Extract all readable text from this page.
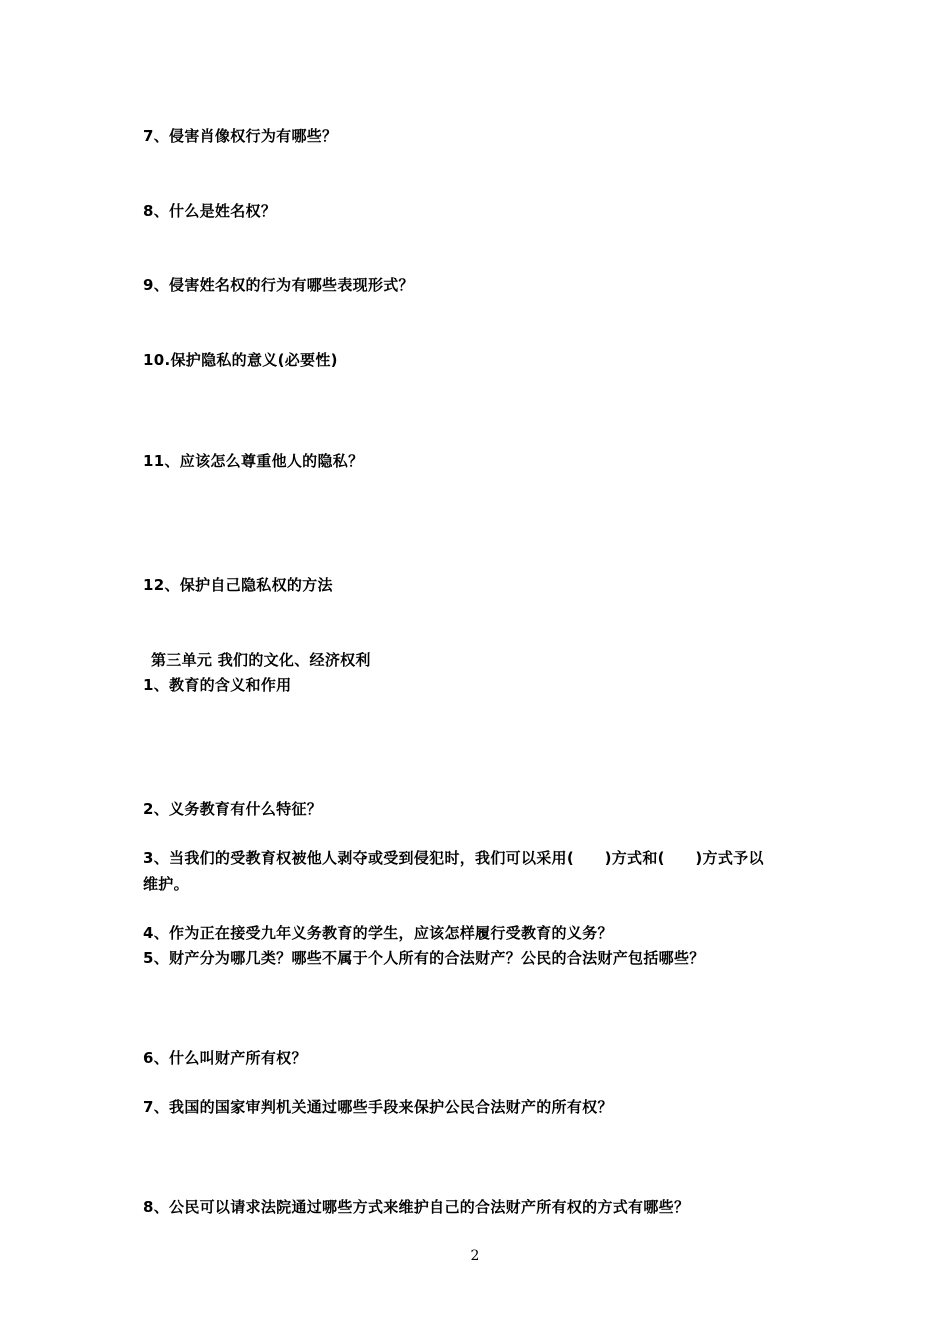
7、侵害肖像权行为有哪些？
8、什么是姓名权？
9、侵害姓名权的行为有哪些表现形式？
10.保护隐私的意义(必要性)
11、应该怎么尊重他人的隐私？
12、保护自己隐私权的方法
第三单元 我们的文化、经济权利
1、教育的含义和作用
2、义务教育有什么特征？
3、当我们的受教育权被他人剥夺或受到侵犯时，我们可以采用(　　)方式和(　　)方式予以
维护。
4、作为正在接受九年义务教育的学生，应该怎样履行受教育的义务？
5、财产分为哪几类？哪些不属于个人所有的合法财产？公民的合法财产包括哪些？
6、什么叫财产所有权？
7、我国的国家审判机关通过哪些手段来保护公民合法财产的所有权？
8、公民可以请求法院通过哪些方式来维护自己的合法财产所有权的方式有哪些？
2
